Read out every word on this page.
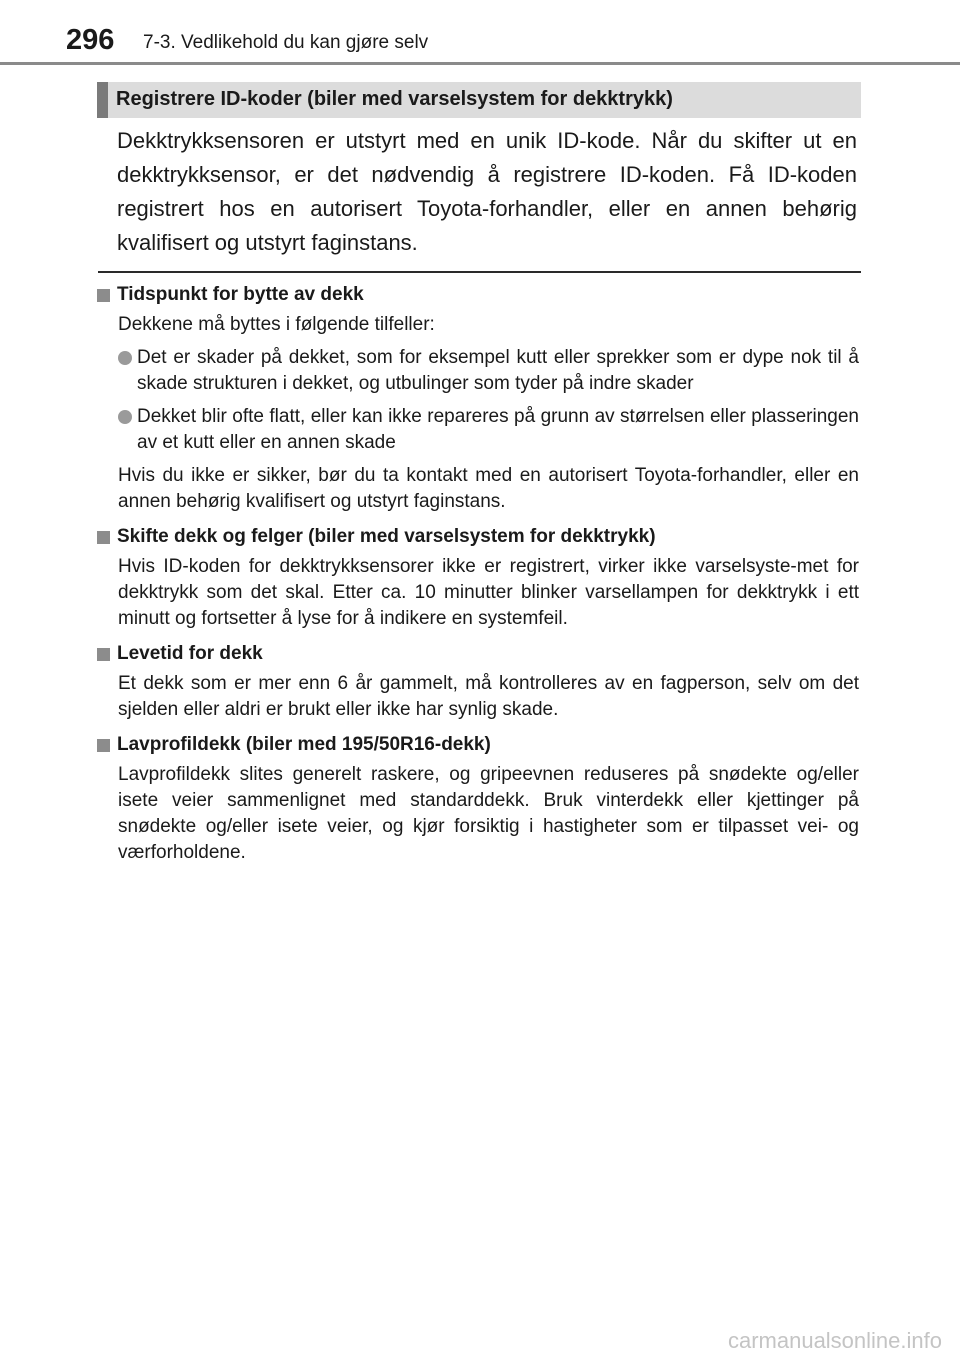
296 7-3. Vedlikehold du kan gjøre selv
Registrere ID-koder (biler med varselsystem for dekktrykk)

Dekktrykksensoren er utstyrt med en unik ID-kode. Når du skifter ut en dekktrykksensor, er det nødvendig å registrere ID-koden. Få ID-koden registrert hos en autorisert Toyota-forhandler, eller en annen behørig kvalifisert og utstyrt faginstans.

Tidspunkt for bytte av dekk
Dekkene må byttes i følgende tilfeller:
Det er skader på dekket, som for eksempel kutt eller sprekker som er dype nok til å skade strukturen i dekket, og utbulinger som tyder på indre skader
Dekket blir ofte flatt, eller kan ikke repareres på grunn av størrelsen eller plasseringen av et kutt eller en annen skade
Hvis du ikke er sikker, bør du ta kontakt med en autorisert Toyota-forhandler, eller en annen behørig kvalifisert og utstyrt faginstans.
Skifte dekk og felger (biler med varselsystem for dekktrykk)
Hvis ID-koden for dekktrykksensorer ikke er registrert, virker ikke varselsyste-met for dekktrykk som det skal. Etter ca. 10 minutter blinker varsellampen for dekktrykk i ett minutt og fortsetter å lyse for å indikere en systemfeil.
Levetid for dekk
Et dekk som er mer enn 6 år gammelt, må kontrolleres av en fagperson, selv om det sjelden eller aldri er brukt eller ikke har synlig skade.
Lavprofildekk (biler med 195/50R16-dekk)
Lavprofildekk slites generelt raskere, og gripeevnen reduseres på snødekte og/eller isete veier sammenlignet med standarddekk. Bruk vinterdekk eller kjettinger på snødekte og/eller isete veier, og kjør forsiktig i hastigheter som er tilpasset vei- og værforholdene.
carmanualsonline.info
